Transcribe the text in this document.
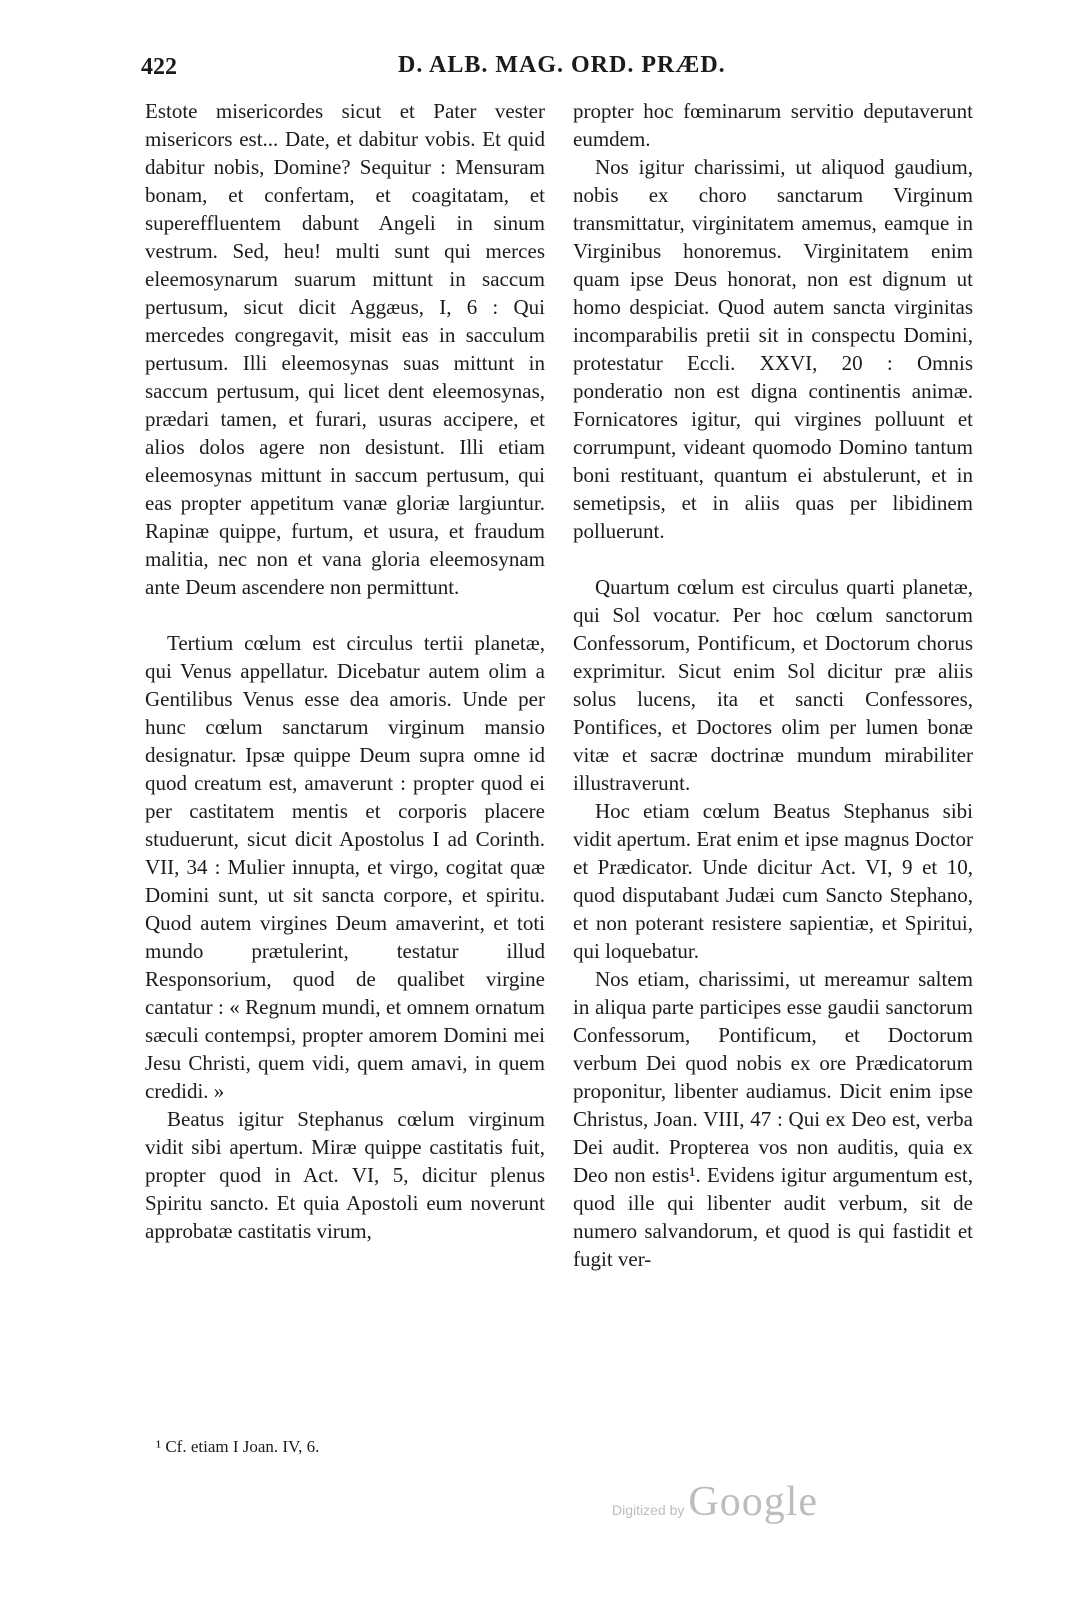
422	D. ALB. MAG. ORD. PRÆD.

Estote misericordes sicut et Pater vester misericors est... Date, et dabitur vobis. Et quid dabitur nobis, Domine? Sequitur : Mensuram bonam, et confertam, et coagitatam, et supereffluentem dabunt Angeli in sinum vestrum. Sed, heu! multi sunt qui merces eleemosynarum suarum mittunt in saccum pertusum, sicut dicit Aggæus, I, 6 : Qui mercedes congregavit, misit eas in sacculum pertusum. Illi eleemosynas suas mittunt in saccum pertusum, qui licet dent eleemosynas, prædari tamen, et furari, usuras accipere, et alios dolos agere non desistunt. Illi etiam eleemosynas mittunt in saccum pertusum, qui eas propter appetitum vanæ gloriæ largiuntur. Rapinæ quippe, furtum, et usura, et fraudum malitia, nec non et vana gloria eleemosynam ante Deum ascendere non permittunt.

Tertium cœlum est circulus tertii planetæ, qui Venus appellatur. Dicebatur autem olim a Gentilibus Venus esse dea amoris. Unde per hunc cœlum sanctarum virginum mansio designatur. Ipsæ quippe Deum supra omne id quod creatum est, amaverunt : propter quod ei per castitatem mentis et corporis placere studuerunt, sicut dicit Apostolus I ad Corinth. VII, 34 : Mulier innupta, et virgo, cogitat quæ Domini sunt, ut sit sancta corpore, et spiritu. Quod autem virgines Deum amaverint, et toti mundo prætulerint, testatur illud Responsorium, quod de qualibet virgine cantatur : « Regnum mundi, et omnem ornatum sæculi contempsi, propter amorem Domini mei Jesu Christi, quem vidi, quem amavi, in quem credidi. »

Beatus igitur Stephanus cœlum virginum vidit sibi apertum. Miræ quippe castitatis fuit, propter quod in Act. VI, 5, dicitur plenus Spiritu sancto. Et quia Apostoli eum noverunt approbatæ castitatis virum,

propter hoc fœminarum servitio deputaverunt eumdem.

Nos igitur charissimi, ut aliquod gaudium, nobis ex choro sanctarum Virginum transmittatur, virginitatem amemus, eamque in Virginibus honoremus. Virginitatem enim quam ipse Deus honorat, non est dignum ut homo despiciat. Quod autem sancta virginitas incomparabilis pretii sit in conspectu Domini, protestatur Eccli. XXVI, 20 : Omnis ponderatio non est digna continentis animæ. Fornicatores igitur, qui virgines polluunt et corrumpunt, videant quomodo Domino tantum boni restituant, quantum ei abstulerunt, et in semetipsis, et in aliis quas per libidinem polluerunt.

Quartum cœlum est circulus quarti planetæ, qui Sol vocatur. Per hoc cœlum sanctorum Confessorum, Pontificum, et Doctorum chorus exprimitur. Sicut enim Sol dicitur præ aliis solus lucens, ita et sancti Confessores, Pontifices, et Doctores olim per lumen bonæ vitæ et sacræ doctrinæ mundum mirabiliter illustraverunt.

Hoc etiam cœlum Beatus Stephanus sibi vidit apertum. Erat enim et ipse magnus Doctor et Prædicator. Unde dicitur Act. VI, 9 et 10, quod disputabant Judæi cum Sancto Stephano, et non poterant resistere sapientiæ, et Spiritui, qui loquebatur.

Nos etiam, charissimi, ut mereamur saltem in aliqua parte participes esse gaudii sanctorum Confessorum, Pontificum, et Doctorum verbum Dei quod nobis ex ore Prædicatorum proponitur, libenter audiamus. Dicit enim ipse Christus, Joan. VIII, 47 : Qui ex Deo est, verba Dei audit. Propterea vos non auditis, quia ex Deo non estis¹. Evidens igitur argumentum est, quod ille qui libenter audit verbum, sit de numero salvandorum, et quod is qui fastidit et fugit ver-

¹ Cf. etiam I Joan. IV, 6.
Digitized by Google
